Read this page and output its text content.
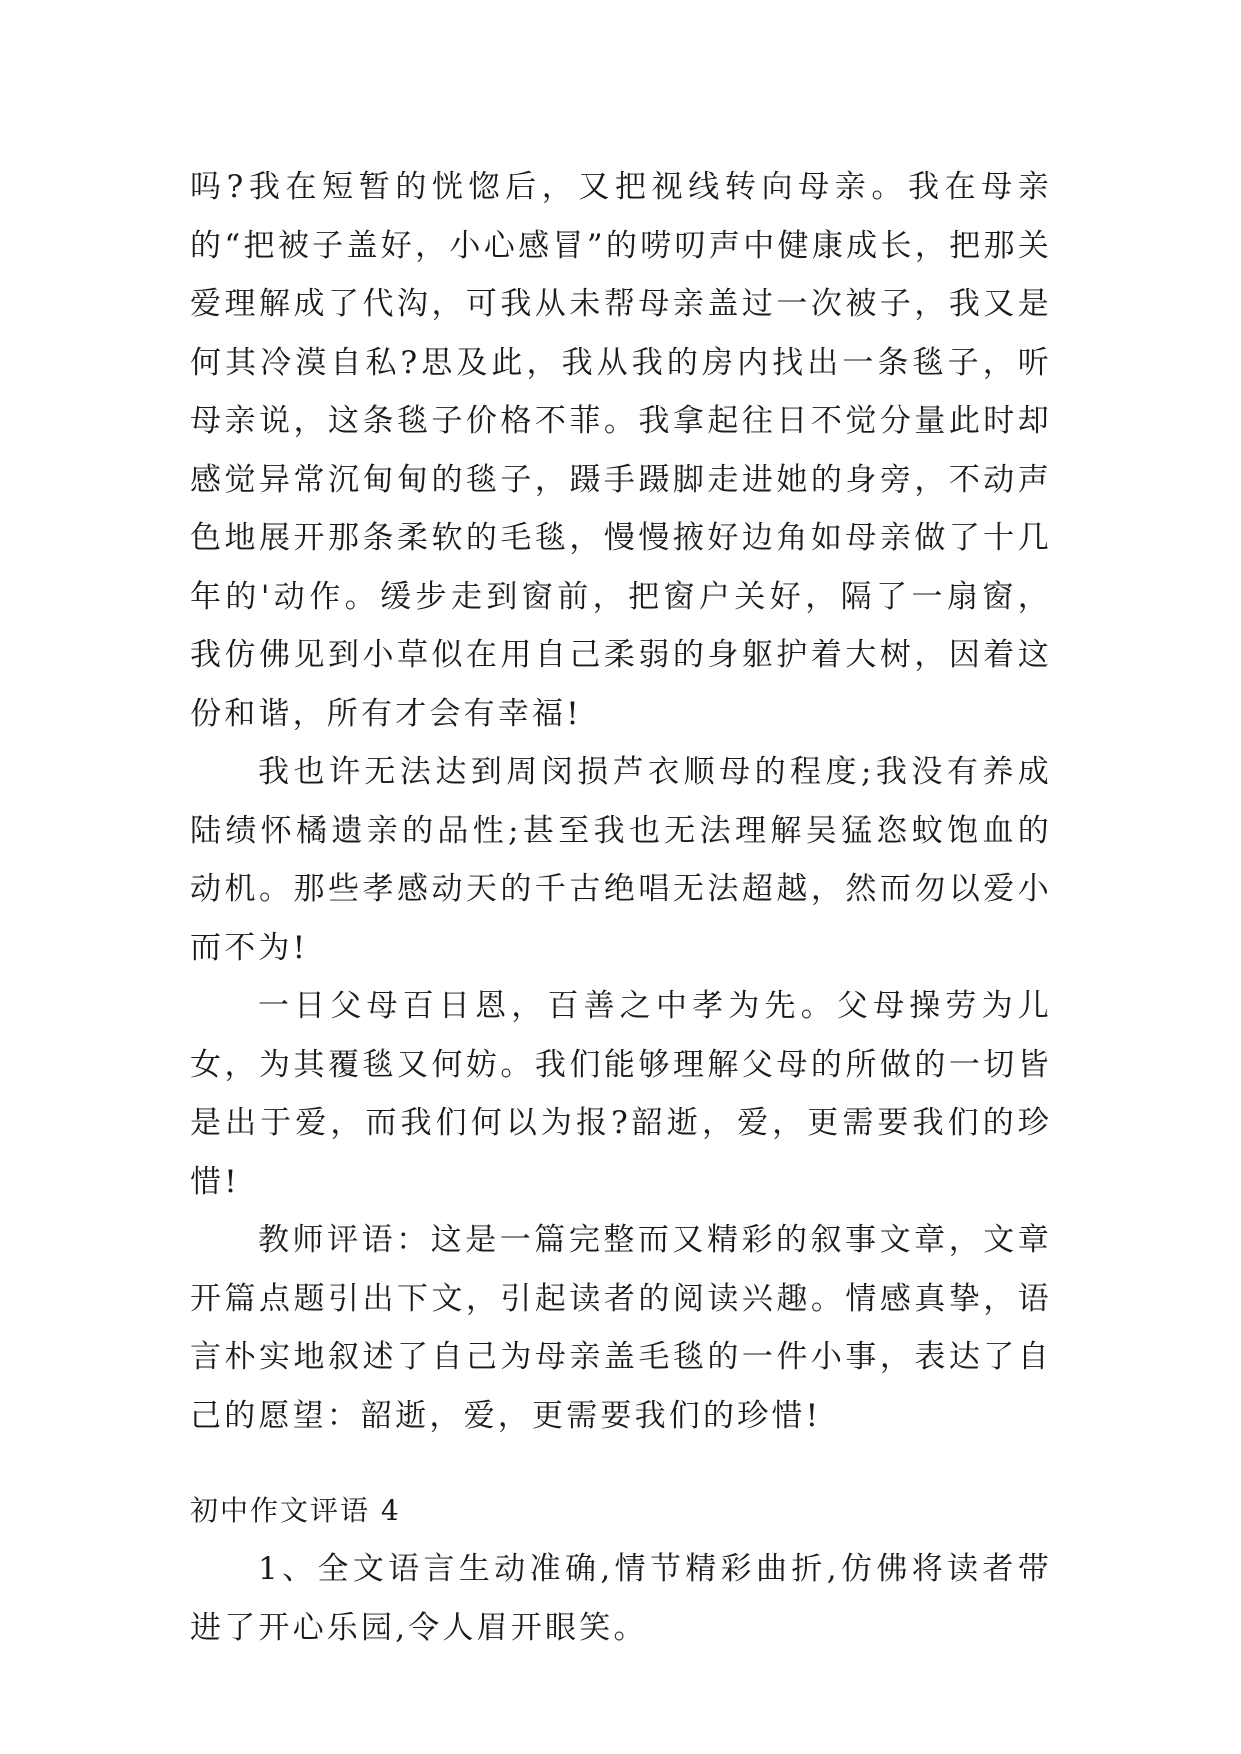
吗?我在短暂的恍惚后，又把视线转向母亲。我在母亲的“把被子盖好，小心感冒”的唠叨声中健康成长，把那关爱理解成了代沟，可我从未帮母亲盖过一次被子，我又是何其冷漠自私?思及此，我从我的房内找出一条毯子，听母亲说，这条毯子价格不菲。我拿起往日不觉分量此时却感觉异常沉甸甸的毯子，蹑手蹑脚走进她的身旁，不动声色地展开那条柔软的毛毯，慢慢掖好边角如母亲做了十几年的'动作。缓步走到窗前，把窗户关好，隔了一扇窗，我仿佛见到小草似在用自己柔弱的身躯护着大树，因着这份和谐，所有才会有幸福!

我也许无法达到周闵损芦衣顺母的程度;我没有养成陆绩怀橘遗亲的品性;甚至我也无法理解吴猛恣蚊饱血的动机。那些孝感动天的千古绝唱无法超越，然而勿以爱小而不为!

一日父母百日恩，百善之中孝为先。父母操劳为儿女，为其覆毯又何妨。我们能够理解父母的所做的一切皆是出于爱，而我们何以为报?韶逝，爱，更需要我们的珍惜!

教师评语：这是一篇完整而又精彩的叙事文章，文章开篇点题引出下文，引起读者的阅读兴趣。情感真挚，语言朴实地叙述了自己为母亲盖毛毯的一件小事，表达了自己的愿望：韶逝，爱，更需要我们的珍惜!

初中作文评语 4

1、全文语言生动准确,情节精彩曲折,仿佛将读者带进了开心乐园,令人眉开眼笑。
